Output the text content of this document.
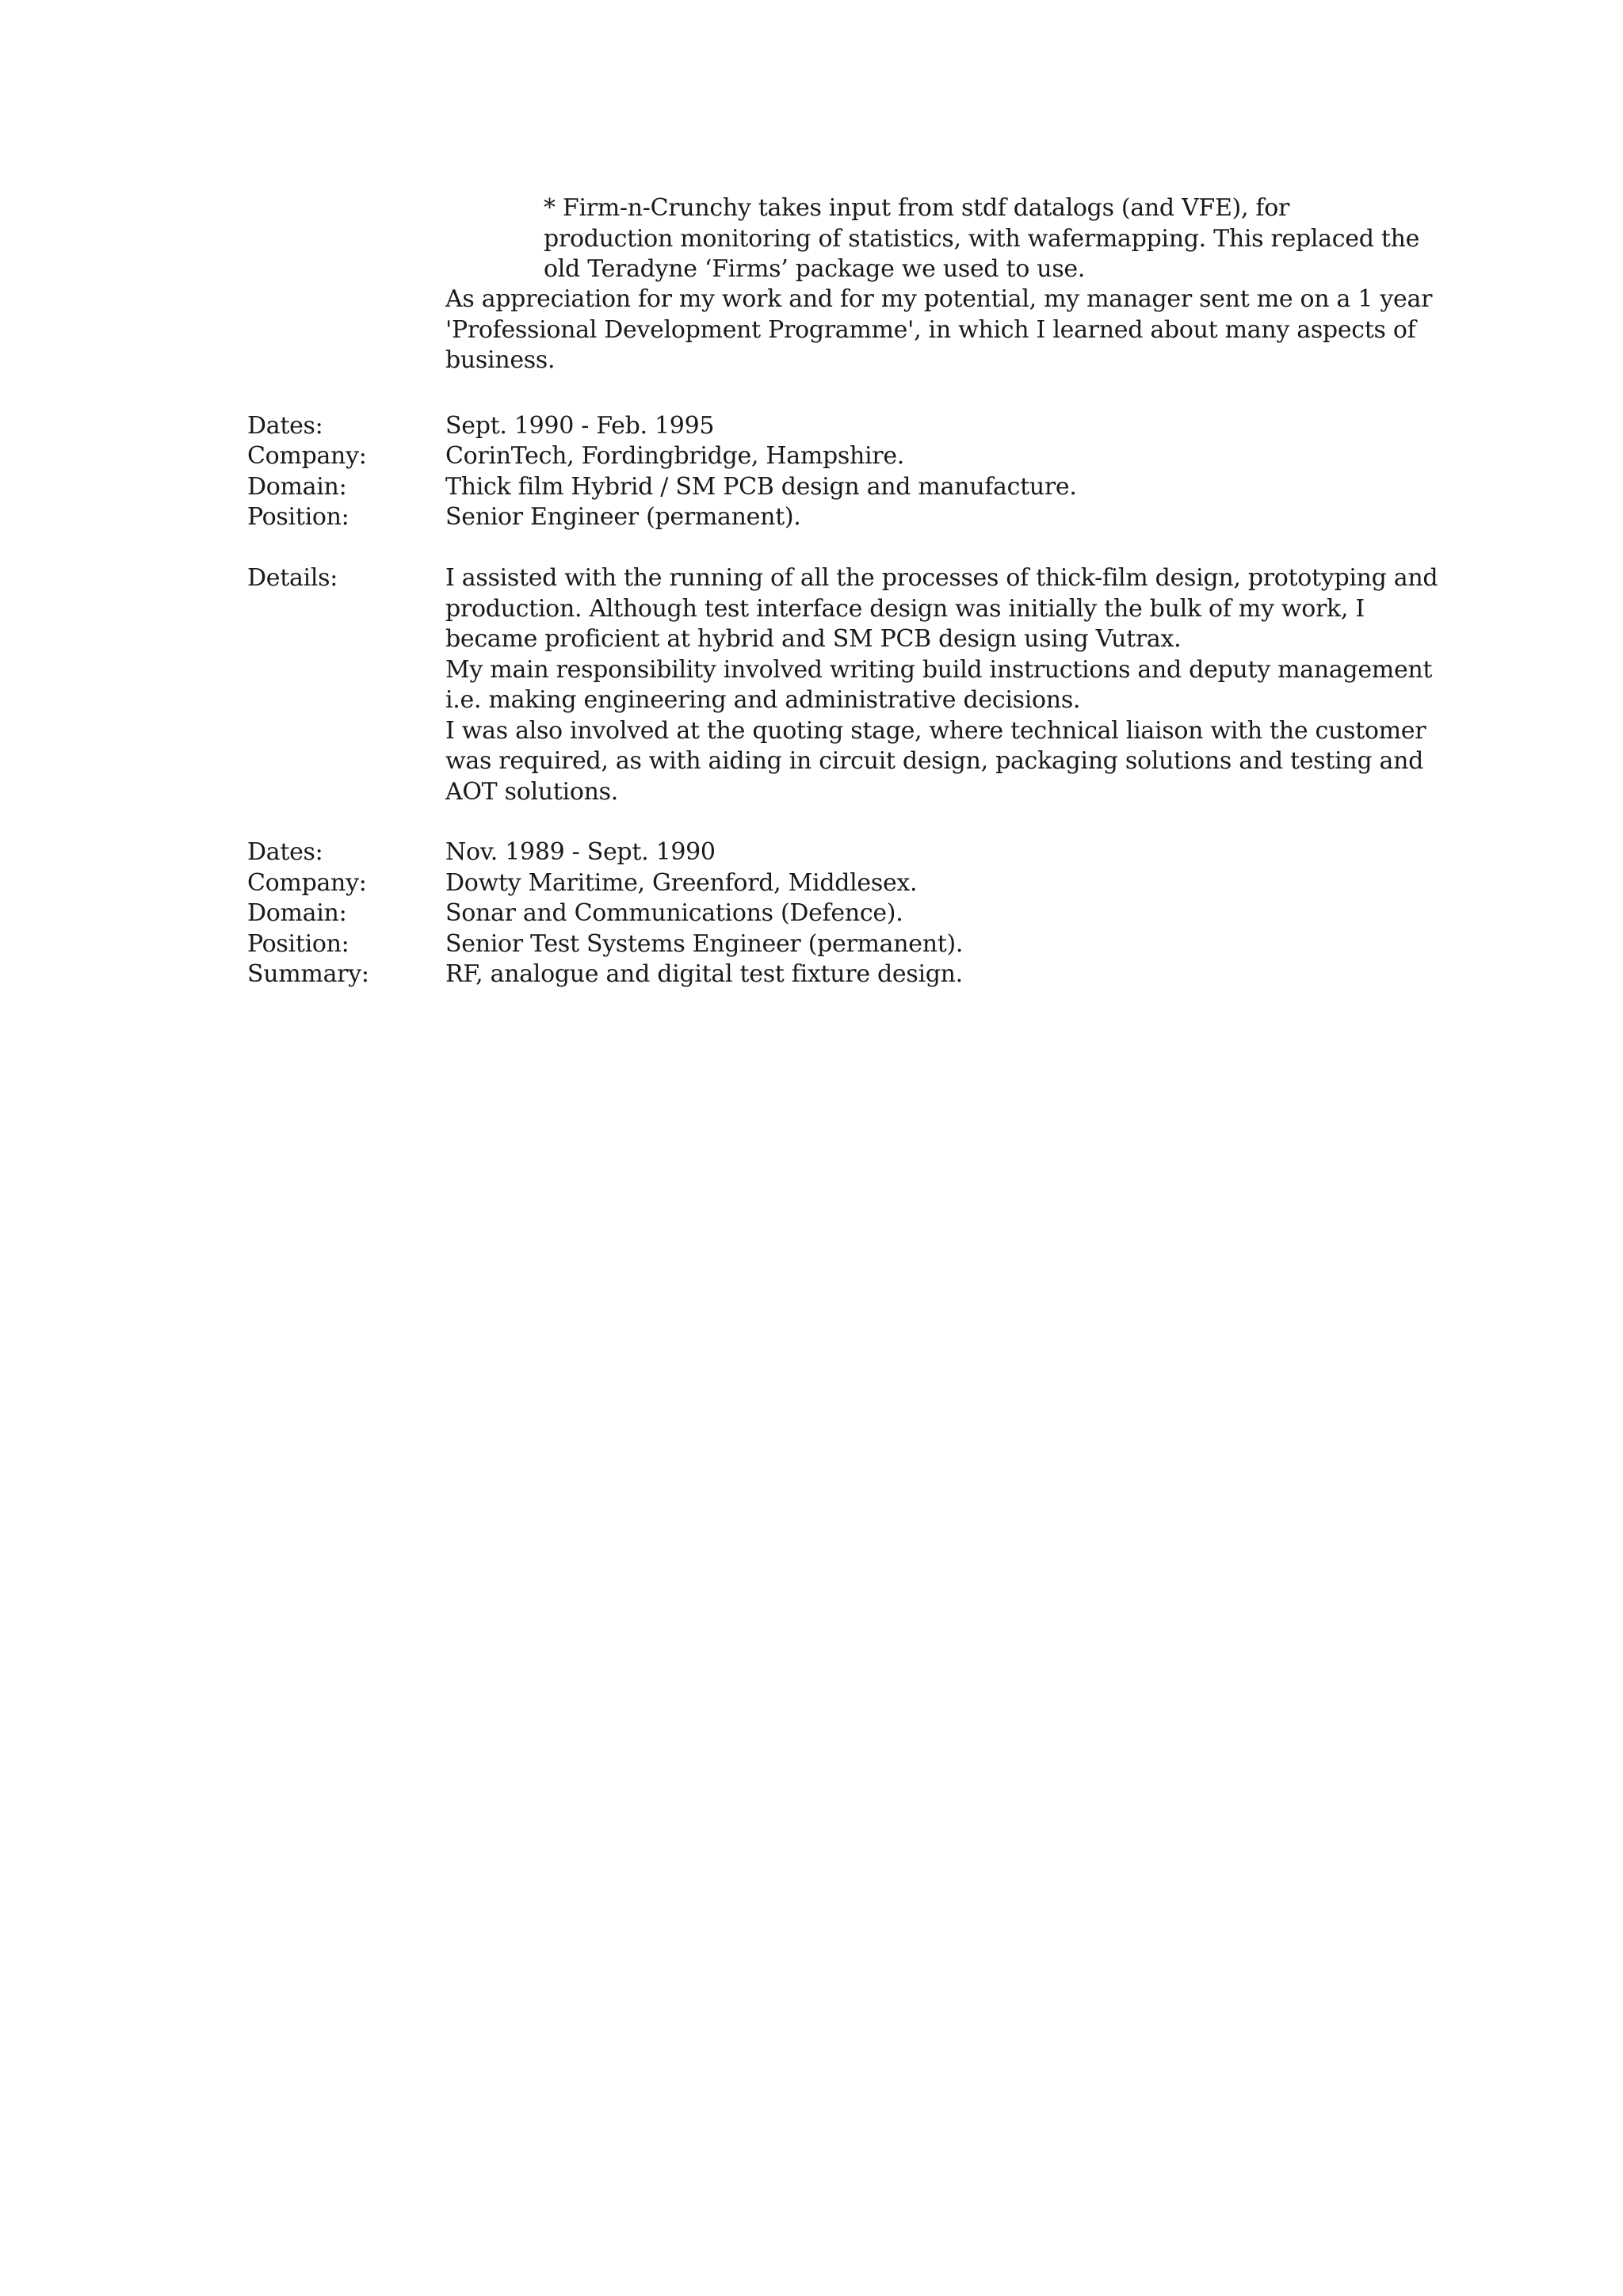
* Firm-n-Crunchy takes input from stdf datalogs (and VFE), for
production monitoring of statistics, with wafermapping. This replaced the
old Teradyne ‘Firms’ package we used to use.
As appreciation for my work and for my potential, my manager sent me on a 1 year
'Professional Development Programme', in which I learned about many aspects of
business.
Dates:	Sept. 1990 - Feb. 1995
Company:	CorinTech, Fordingbridge, Hampshire.
Domain:	Thick film Hybrid / SM PCB design and manufacture.
Position:	Senior Engineer (permanent).
Details:	I assisted with the running of all the processes of thick-film design, prototyping and
production. Although test interface design was initially the bulk of my work, I
became proficient at hybrid and SM PCB design using Vutrax.
My main responsibility involved writing build instructions and deputy management
i.e. making engineering and administrative decisions.
I was also involved at the quoting stage, where technical liaison with the customer
was required, as with aiding in circuit design, packaging solutions and testing and
AOT solutions.
Dates:	Nov. 1989 - Sept. 1990
Company:	Dowty Maritime, Greenford, Middlesex.
Domain:	Sonar and Communications (Defence).
Position:	Senior Test Systems Engineer (permanent).
Summary:	RF, analogue and digital test fixture design.
